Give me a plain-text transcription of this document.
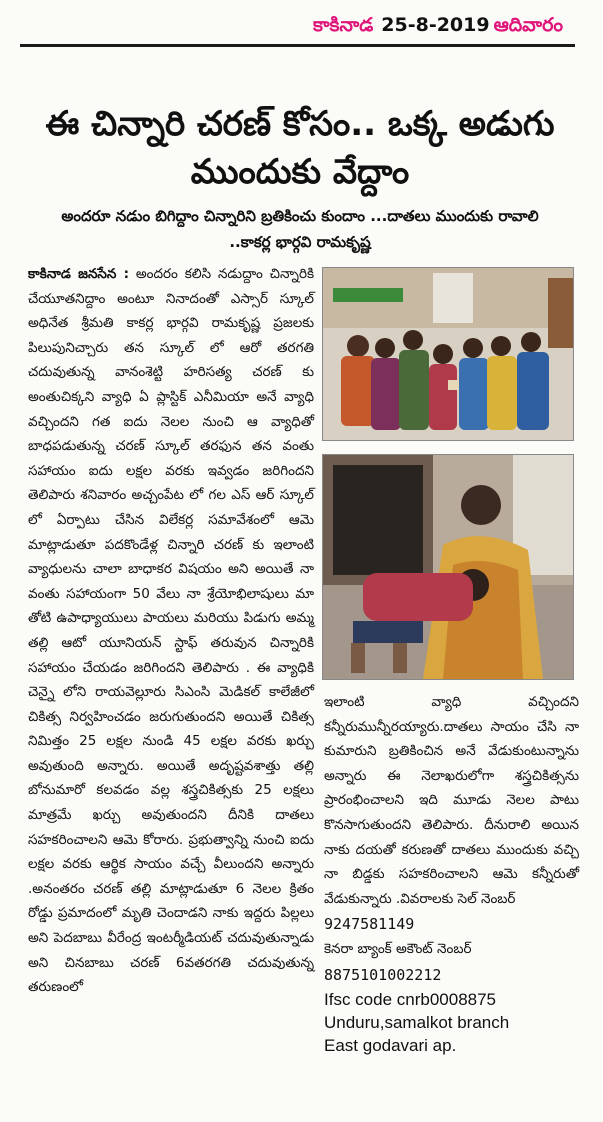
కాకినాడ 25-8-2019 ఆదివారం
ఈ చిన్నారి చరణ్ కోసం.. ఒక్క అడుగు ముందుకు వేద్దాం
అందరూ నడుం బిగిద్దాం చిన్నారిని బ్రతికించు కుందాం ...దాతలు ముందుకు రావాలి ..కాకర్ల భార్గవి రామకృష్ణ

కాకినాడ జనసేన : అందరం కలిసి నడుద్దాం చిన్నారికి చేయూతనిద్దాం అంటూ నినాదంతో ఎస్సార్ స్కూల్ అధినేత శ్రీమతి కాకర్ల భార్గవి రామకృష్ణ ప్రజలకు పిలుపునిచ్చారు తన స్కూల్ లో ఆరో తరగతి చదువుతున్న వానంశెట్టి హరిసత్య చరణ్ కు అంతుచిక్కని వ్యాధి ఏ ప్లాస్టిక్ ఎనీమియా అనే వ్యాధి వచ్చిందని గత ఐదు నెలల నుంచి ఆ వ్యాధితో బాధపడుతున్న చరణ్ స్కూల్ తరఫున తన వంతు సహాయం ఐదు లక్షల వరకు ఇవ్వడం జరిగిందని తెలిపారు శనివారం అచ్చంపేట లో గల ఎస్ ఆర్ స్కూల్ లో ఏర్పాటు చేసిన విలేకర్ల సమావేశంలో ఆమె మాట్లాడుతూ పదకొండేళ్ల చిన్నారి చరణ్ కు ఇలాంటి వ్యాధులను చాలా బాధాకర విషయం అని అయితే నా వంతు సహాయంగా 50 వేలు నా శ్రేయోభిలాషులు మా తోటి ఉపాధ్యాయులు పాయలు మరియు పిడుగు అమ్మ తల్లి ఆటో యూనియన్ స్టాఫ్ తరువున చిన్నారికి సహాయం చేయడం జరిగిందని తెలిపారు . ఈ వ్యాధికి చెన్నై లోని రాయవెల్లూరు సిఎంసి మెడికల్ కాలేజీలో చికిత్స నిర్వహించడం జరుగుతుందని అయితే చికిత్స నిమిత్తం 25 లక్షల నుండి 45 లక్షల వరకు ఖర్చు అవుతుంది అన్నారు. అయితే అదృష్టవశాత్తు తల్లి బోనుమారో కలవడం వల్ల శస్త్రచికిత్సకు 25 లక్షలు మాత్రమే ఖర్చు అవుతుందని దీనికి దాతలు సహకరించాలని ఆమె కోరారు. ప్రభుత్వాన్ని నుంచి ఐదు లక్షల వరకు ఆర్థిక సాయం వచ్చే వీలుందని అన్నారు .అనంతరం చరణ్ తల్లి మాట్లాడుతూ 6 నెలల క్రితం రోడ్డు ప్రమాదంలో మృతి చెందాడని నాకు ఇద్దరు పిల్లలు అని పెదబాబు వీరేంద్ర ఇంటర్మీడియట్ చదువుతున్నాడు అని చినబాబు చరణ్ 6వతరగతి చదువుతున్న తరుణంలో

ఇలాంటి వ్యాధి వచ్చిందని కన్నీరుమున్నీరయ్యారు.దాతలు సాయం చేసి నా కుమారుని బ్రతికించిన అనే వేడుకుంటున్నాను అన్నారు ఈ నెలాఖరులోగా శస్త్రచికిత్సను ప్రారంభించాలని ఇది మూడు నెలల పాటు కొనసాగుతుందని తెలిపారు. దీనురాలి అయిన నాకు దయతో కరుణతో దాతలు ముందుకు వచ్చి నా బిడ్డకు సహకరించాలని ఆమె కన్నీరుతో వేడుకున్నారు .వివరాలకు సెల్ నెంబర్

9247581149

కెనరా బ్యాంక్ అకౌంట్ నెంబర్

8875101002212

Ifsc code cnrb0008875

Unduru,samalkot branch

East godavari ap.
